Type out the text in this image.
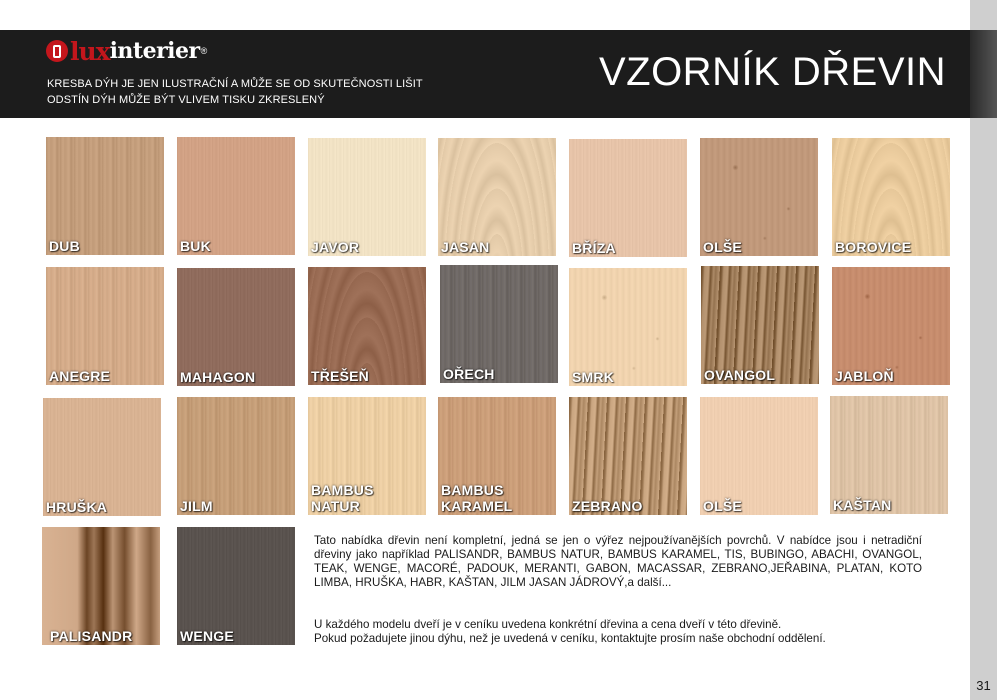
lux interier ®
KRESBA DÝH JE JEN ILUSTRAČNÍ A MŮŽE SE OD SKUTEČNOSTI LIŠIT
ODSTÍN DÝH MŮŽE BÝT VLIVEM TISKU ZKRESLENÝ
VZORNÍK DŘEVIN
DUB	BUK	JAVOR	JASAN	BŘÍZA	OLŠE	BOROVICE
ANEGRE	MAHAGON	TŘEŠEŇ	OŘECH	SMRK	OVANGOL	JABLOŇ
HRUŠKA	JILM
BAMBUS NATUR
BAMBUS KARAMEL	ZEBRANO	OLŠE	KAŠTAN
PALISANDR	WENGE
Tato nabídka dřevin není kompletní, jedná se jen o výřez nejpoužívanějších povrchů. V nabídce jsou i netradiční dřeviny jako například PALISANDR, BAMBUS NATUR, BAMBUS KARAMEL, TIS, BUBINGO, ABACHI, OVANGOL, TEAK, WENGE, MACORÉ, PADOUK, MERANTI, GABON, MACASSAR, ZEBRANO,JEŘABINA, PLATAN, KOTO LIMBA, HRUŠKA, HABR, KAŠTAN, JILM JASAN JÁDROVÝ,a další...
U každého modelu dveří je v ceníku uvedena konkrétní dřevina a cena dveří v této dřevině.
Pokud požadujete jinou dýhu, než je uvedená v ceníku, kontaktujte prosím naše obchodní oddělení.
31
